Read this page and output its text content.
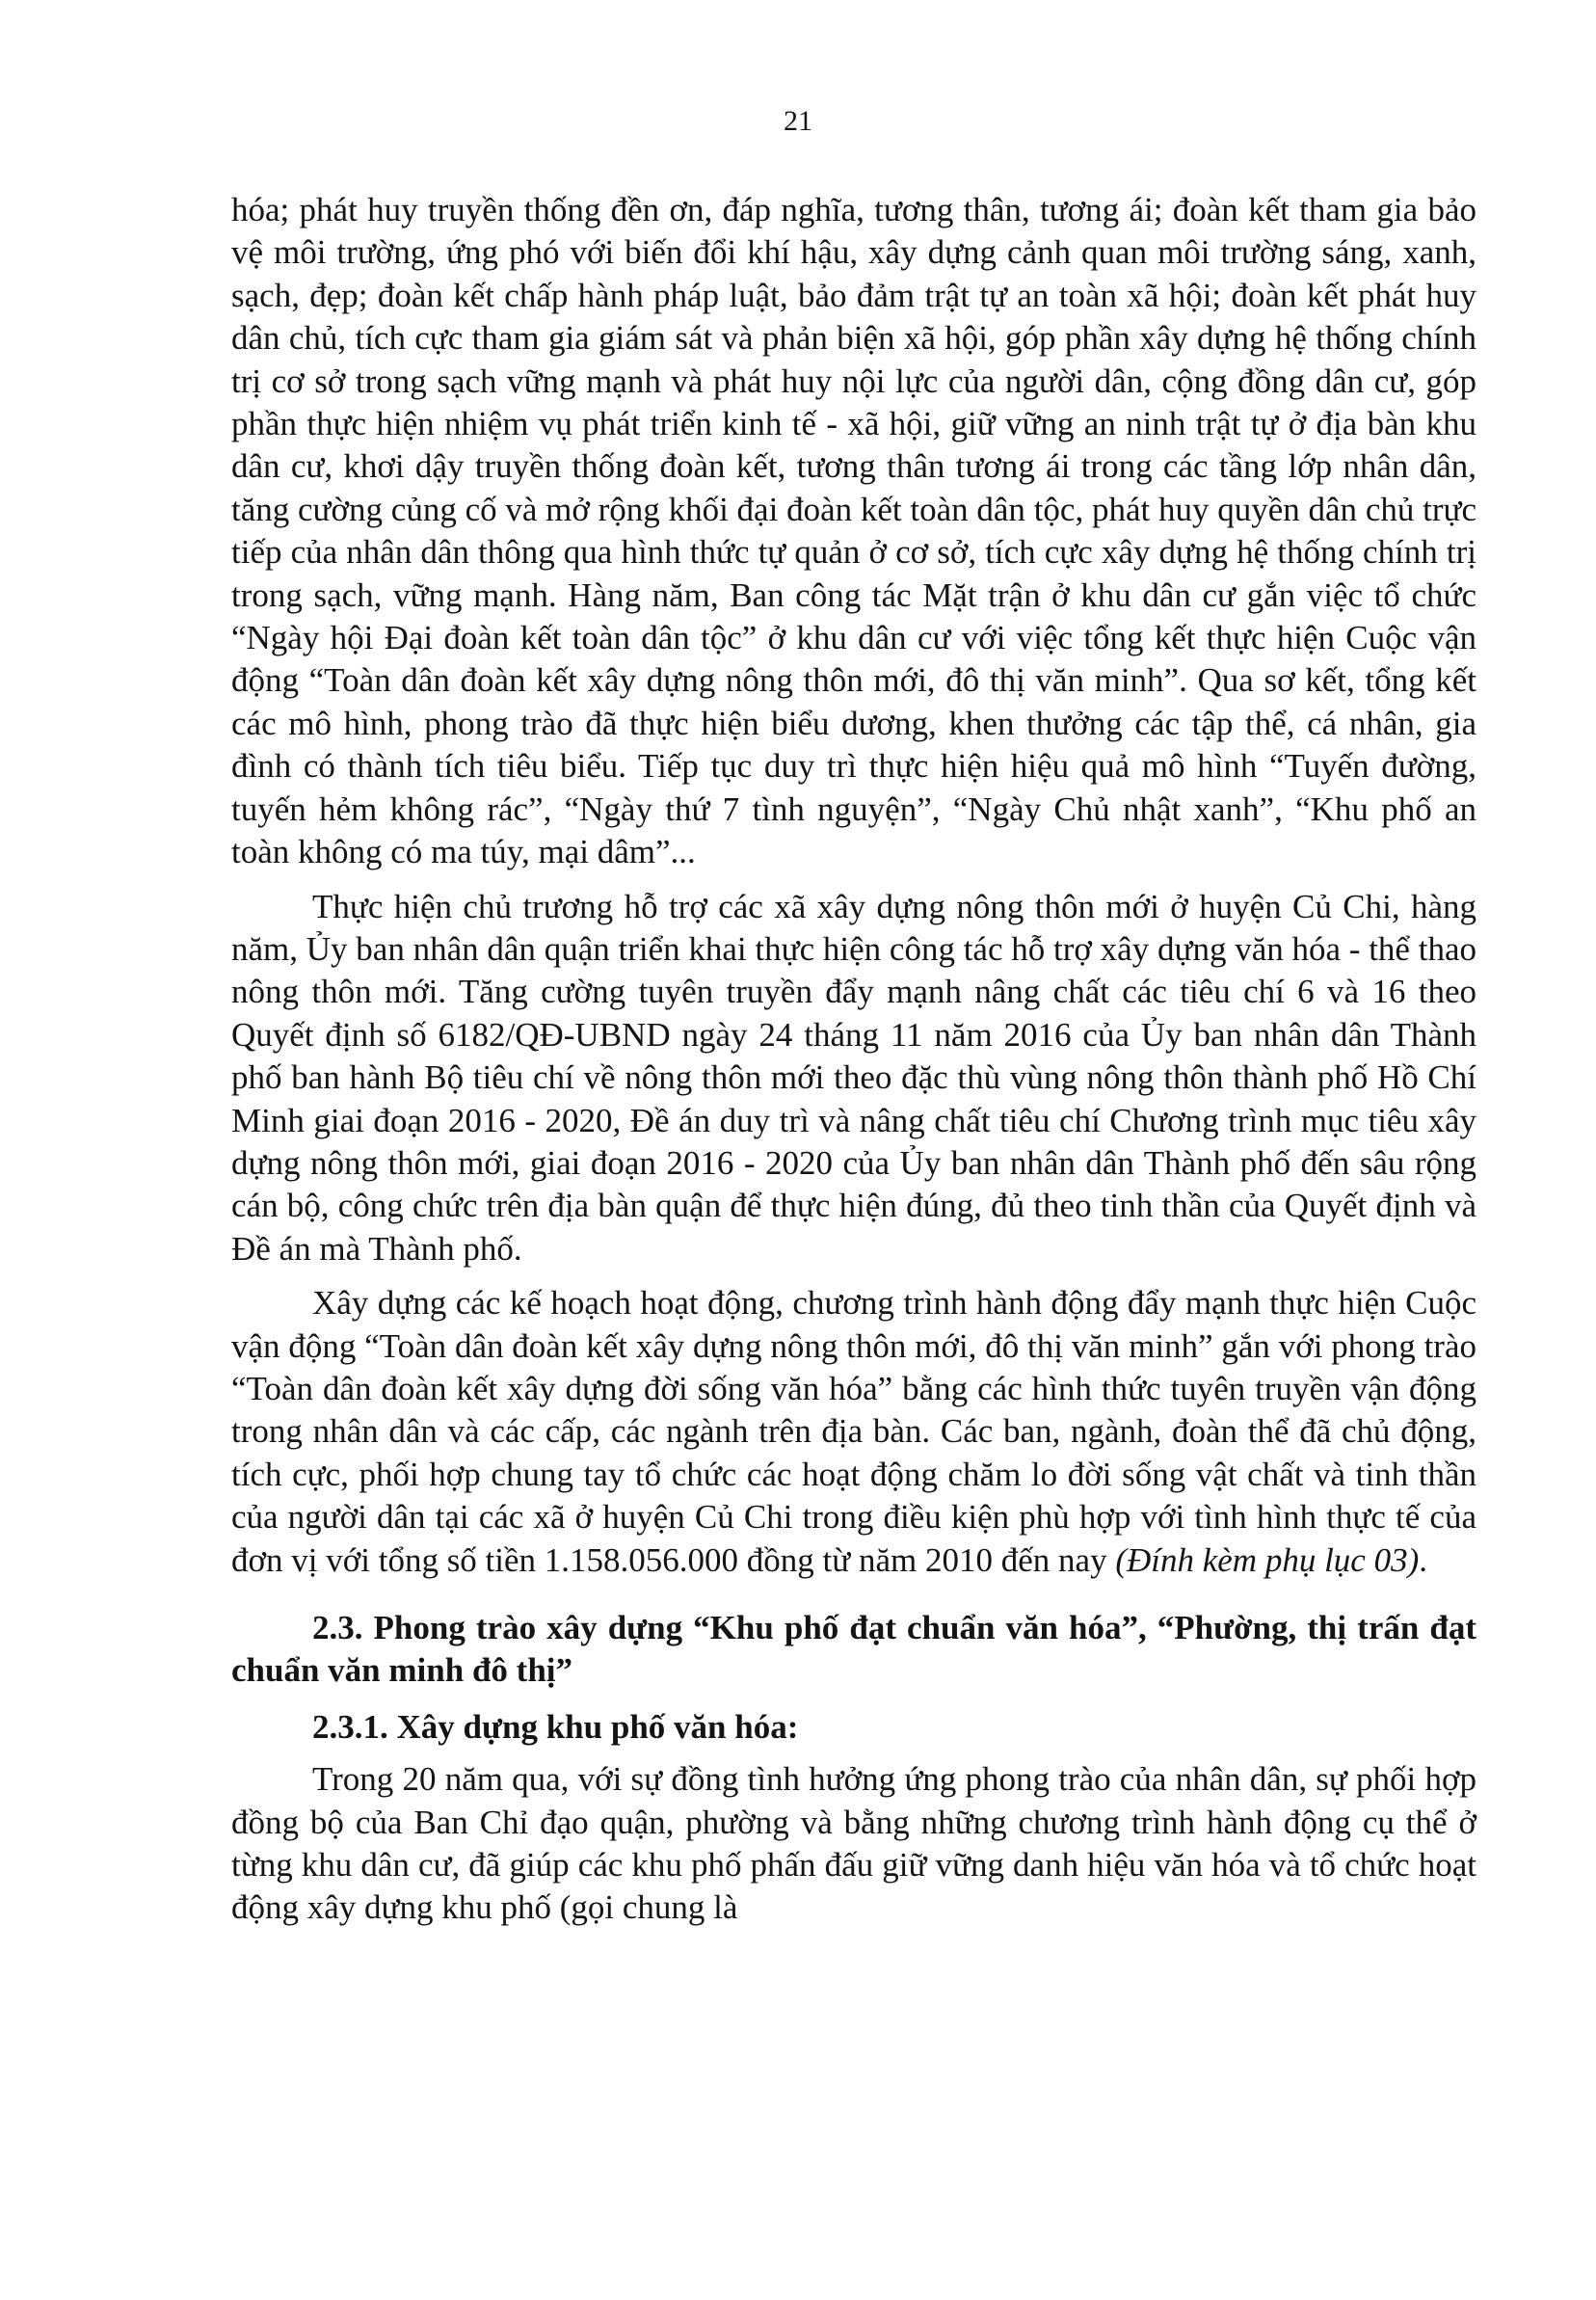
21

hóa; phát huy truyền thống đền ơn, đáp nghĩa, tương thân, tương ái; đoàn kết tham gia bảo vệ môi trường, ứng phó với biến đổi khí hậu, xây dựng cảnh quan môi trường sáng, xanh, sạch, đẹp; đoàn kết chấp hành pháp luật, bảo đảm trật tự an toàn xã hội; đoàn kết phát huy dân chủ, tích cực tham gia giám sát và phản biện xã hội, góp phần xây dựng hệ thống chính trị cơ sở trong sạch vững mạnh và phát huy nội lực của người dân, cộng đồng dân cư, góp phần thực hiện nhiệm vụ phát triển kinh tế - xã hội, giữ vững an ninh trật tự ở địa bàn khu dân cư, khơi dậy truyền thống đoàn kết, tương thân tương ái trong các tầng lớp nhân dân, tăng cường củng cố và mở rộng khối đại đoàn kết toàn dân tộc, phát huy quyền dân chủ trực tiếp của nhân dân thông qua hình thức tự quản ở cơ sở, tích cực xây dựng hệ thống chính trị trong sạch, vững mạnh. Hàng năm, Ban công tác Mặt trận ở khu dân cư gắn việc tổ chức “Ngày hội Đại đoàn kết toàn dân tộc” ở khu dân cư với việc tổng kết thực hiện Cuộc vận động “Toàn dân đoàn kết xây dựng nông thôn mới, đô thị văn minh”. Qua sơ kết, tổng kết các mô hình, phong trào đã thực hiện biểu dương, khen thưởng các tập thể, cá nhân, gia đình có thành tích tiêu biểu. Tiếp tục duy trì thực hiện hiệu quả mô hình “Tuyến đường, tuyến hẻm không rác”, “Ngày thứ 7 tình nguyện”, “Ngày Chủ nhật xanh”, “Khu phố an toàn không có ma túy, mại dâm”...

Thực hiện chủ trương hỗ trợ các xã xây dựng nông thôn mới ở huyện Củ Chi, hàng năm, Ủy ban nhân dân quận triển khai thực hiện công tác hỗ trợ xây dựng văn hóa - thể thao nông thôn mới. Tăng cường tuyên truyền đẩy mạnh nâng chất các tiêu chí 6 và 16 theo Quyết định số 6182/QĐ-UBND ngày 24 tháng 11 năm 2016 của Ủy ban nhân dân Thành phố ban hành Bộ tiêu chí về nông thôn mới theo đặc thù vùng nông thôn thành phố Hồ Chí Minh giai đoạn 2016 - 2020, Đề án duy trì và nâng chất tiêu chí Chương trình mục tiêu xây dựng nông thôn mới, giai đoạn 2016 - 2020 của Ủy ban nhân dân Thành phố đến sâu rộng cán bộ, công chức trên địa bàn quận để thực hiện đúng, đủ theo tinh thần của Quyết định và Đề án mà Thành phố.

Xây dựng các kế hoạch hoạt động, chương trình hành động đẩy mạnh thực hiện Cuộc vận động “Toàn dân đoàn kết xây dựng nông thôn mới, đô thị văn minh” gắn với phong trào “Toàn dân đoàn kết xây dựng đời sống văn hóa” bằng các hình thức tuyên truyền vận động trong nhân dân và các cấp, các ngành trên địa bàn. Các ban, ngành, đoàn thể đã chủ động, tích cực, phối hợp chung tay tổ chức các hoạt động chăm lo đời sống vật chất và tinh thần của người dân tại các xã ở huyện Củ Chi trong điều kiện phù hợp với tình hình thực tế của đơn vị với tổng số tiền 1.158.056.000 đồng từ năm 2010 đến nay (Đính kèm phụ lục 03).

2.3. Phong trào xây dựng “Khu phố đạt chuẩn văn hóa”, “Phường, thị trấn đạt chuẩn văn minh đô thị”
2.3.1. Xây dựng khu phố văn hóa:

Trong 20 năm qua, với sự đồng tình hưởng ứng phong trào của nhân dân, sự phối hợp đồng bộ của Ban Chỉ đạo quận, phường và bằng những chương trình hành động cụ thể ở từng khu dân cư, đã giúp các khu phố phấn đấu giữ vững danh hiệu văn hóa và tổ chức hoạt động xây dựng khu phố (gọi chung là
